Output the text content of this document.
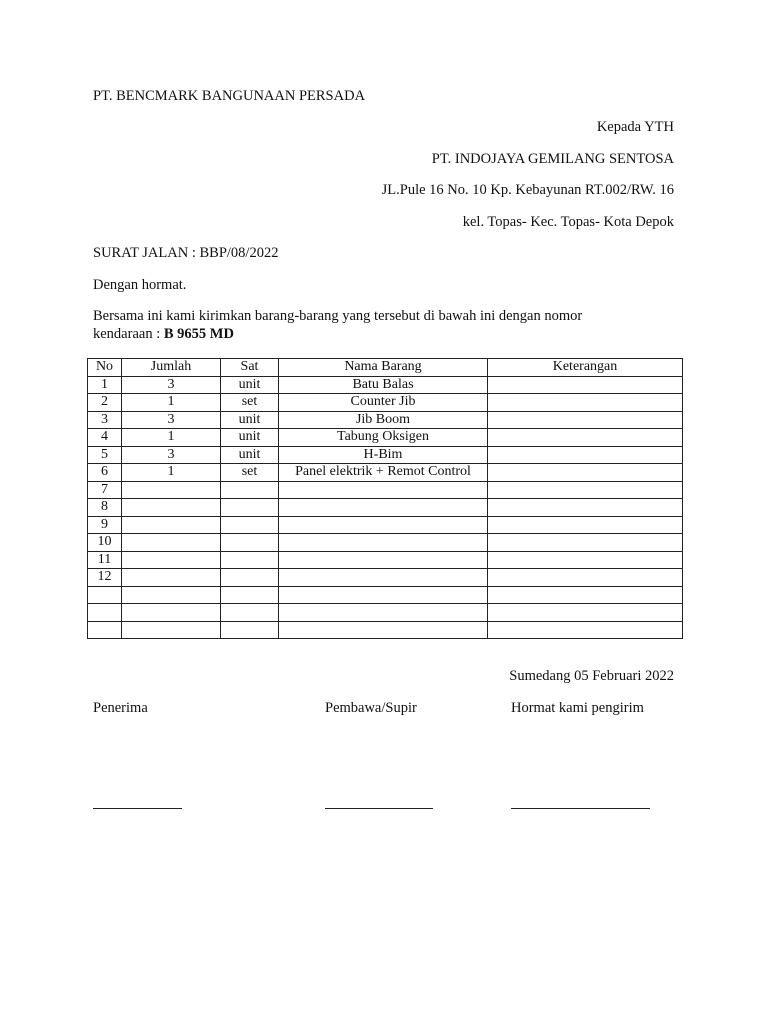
PT. BENCMARK BANGUNAAN PERSADA
Kepada YTH
PT. INDOJAYA GEMILANG SENTOSA
JL.Pule 16 No. 10 Kp. Kebayunan RT.002/RW. 16
kel. Topas- Kec. Topas- Kota Depok
SURAT JALAN : BBP/08/2022
Dengan hormat.
Bersama ini kami kirimkan barang-barang yang tersebut di bawah ini dengan nomor
kendaraan : B 9655 MD
No	Jumlah	Sat	Nama Barang	Keterangan
1	3	unit	Batu Balas	
2	1	set	Counter Jib	
3	3	unit	Jib Boom	
4	1	unit	Tabung Oksigen	
5	3	unit	H-Bim	
6	1	set	Panel elektrik + Remot Control	
7				
8				
9				
10				
11				
12				

Sumedang 05 Februari 2022
Penerima	Pembawa/Supir	Hormat kami pengirim
